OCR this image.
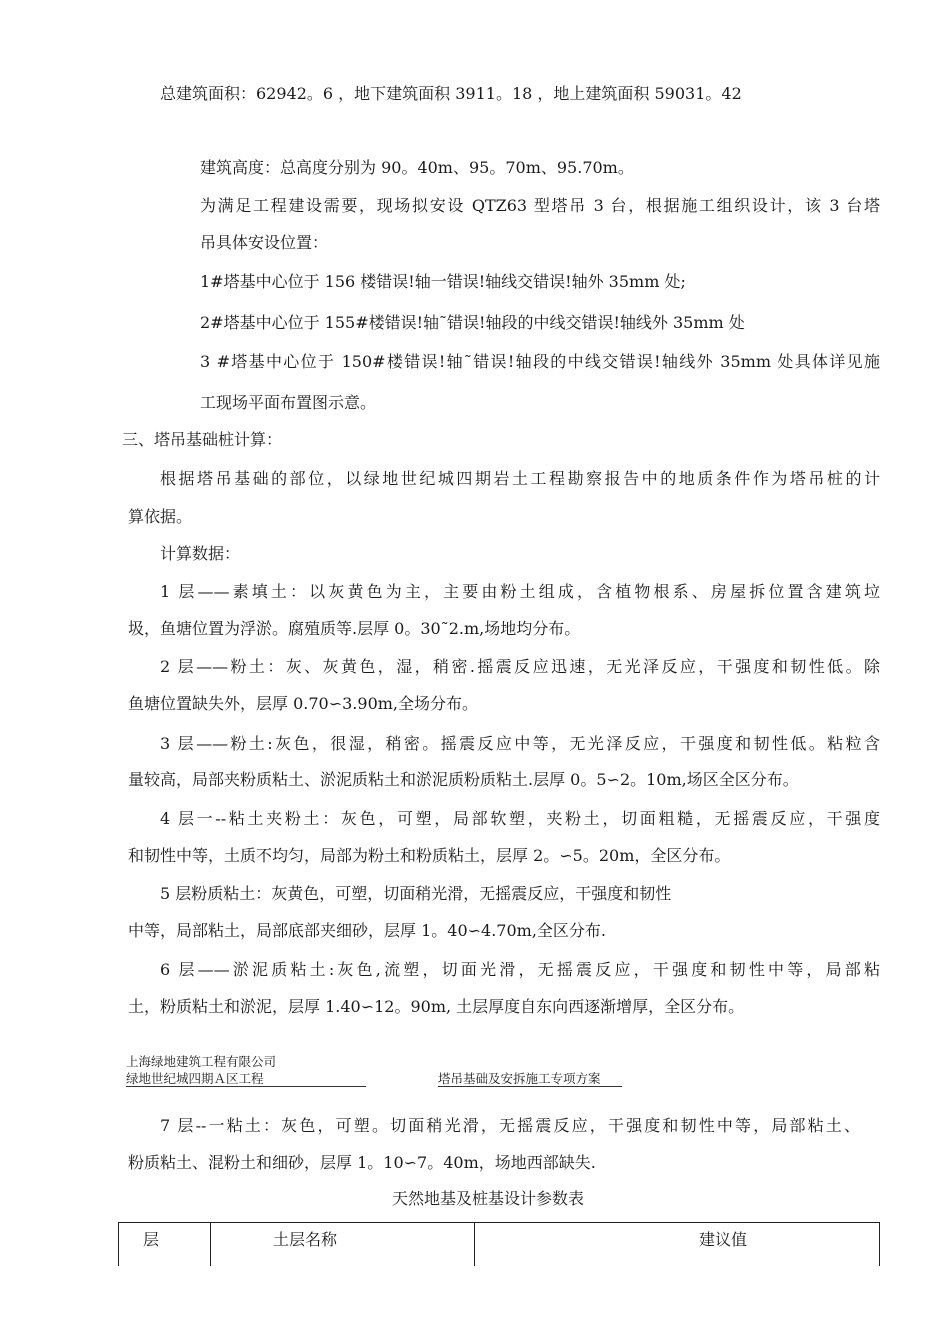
总建筑面积：62942。6 ，地下建筑面积 3911。18 ，地上建筑面积 59031。42
建筑高度：总高度分别为 90。40m、95。70m、95.70m。
为满足工程建设需要，现场拟安设 QTZ63 型塔吊 3 台，根据施工组织设计，该 3 台塔
吊具体安设位置：
1#塔基中心位于 156 楼错误!轴一错误!轴线交错误!轴外 35mm 处;
2#塔基中心位于 155#楼错误!轴˜错误!轴段的中线交错误!轴线外 35mm 处
3 #塔基中心位于 150#楼错误!轴˜错误!轴段的中线交错误!轴线外 35mm 处具体详见施
工现场平面布置图示意。
三、塔吊基础桩计算：
根据塔吊基础的部位，以绿地世纪城四期岩土工程勘察报告中的地质条件作为塔吊桩的计
算依据。
计算数据：
1 层——素填土：以灰黄色为主，主要由粉土组成，含植物根系、房屋拆位置含建筑垃
圾，鱼塘位置为浮淤。腐殖质等.层厚 0。30˜2.m,场地均分布。
2 层——粉土：灰、灰黄色，湿，稍密.摇震反应迅速，无光泽反应，干强度和韧性低。除
鱼塘位置缺失外，层厚 0.70∽3.90m,全场分布。
3 层——粉土:灰色，很湿，稍密。摇震反应中等，无光泽反应，干强度和韧性低。粘粒含
量较高，局部夹粉质粘土、淤泥质粘土和淤泥质粉质粘土.层厚 0。5∽2。10m,场区全区分布。
4 层一--粘土夹粉土：灰色，可塑，局部软塑，夹粉土，切面粗糙，无摇震反应，干强度
和韧性中等，土质不均匀，局部为粉土和粉质粘土，层厚 2。∽5。20m，全区分布。
5 层粉质粘土：灰黄色，可塑，切面稍光滑，无摇震反应，干强度和韧性
中等，局部粘土，局部底部夹细砂，层厚 1。40∽4.70m,全区分布.
6 层——淤泥质粘土:灰色,流塑，切面光滑，无摇震反应，干强度和韧性中等，局部粘
土，粉质粘土和淤泥，层厚 1.40∽12。90m, 土层厚度自东向西逐渐增厚，全区分布。
上海绿地建筑工程有限公司
绿地世纪城四期Ａ区工程	塔吊基础及安拆施工专项方案
7 层--一粘土：灰色，可塑。切面稍光滑，无摇震反应，干强度和韧性中等，局部粘土、
粉质粘土、混粉土和细砂，层厚 1。10∽7。40m，场地西部缺失.
天然地基及桩基设计参数表
层	土层名称	建议值
